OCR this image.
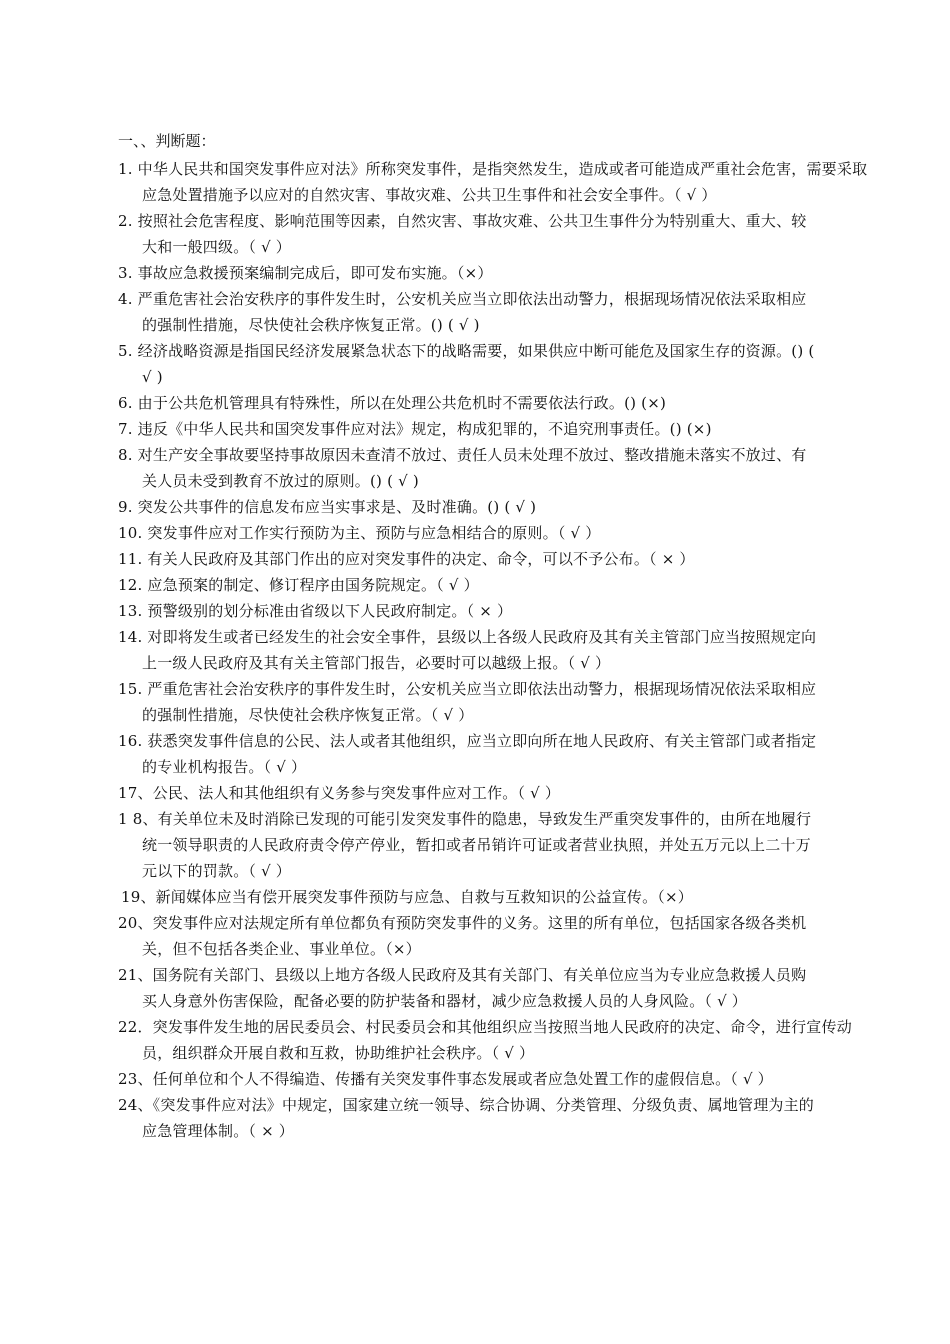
一、、判断题：

1. 中华人民共和国突发事件应对法》所称突发事件，是指突然发生，造成或者可能造成严重社会危害，需要采取应急处置措施予以应对的自然灾害、事故灾难、公共卫生事件和社会安全事件。（ √ ）

2. 按照社会危害程度、影响范围等因素，自然灾害、事故灾难、公共卫生事件分为特别重大、重大、较大和一般四级。（ √ ）

3. 事故应急救援预案编制完成后，即可发布实施。（×）

4. 严重危害社会治安秩序的事件发生时，公安机关应当立即依法出动警力，根据现场情况依法采取相应的强制性措施，尽快使社会秩序恢复正常。() ( √ )

5. 经济战略资源是指国民经济发展紧急状态下的战略需要，如果供应中断可能危及国家生存的资源。() ( √ )

6. 由于公共危机管理具有特殊性，所以在处理公共危机时不需要依法行政。() (×)

7. 违反《中华人民共和国突发事件应对法》规定，构成犯罪的，不追究刑事责任。() (×)

8. 对生产安全事故要坚持事故原因未查清不放过、责任人员未处理不放过、整改措施未落实不放过、有关人员未受到教育不放过的原则。() ( √ )

9. 突发公共事件的信息发布应当实事求是、及时准确。() ( √ )

10. 突发事件应对工作实行预防为主、预防与应急相结合的原则。（ √ ）

11. 有关人民政府及其部门作出的应对突发事件的决定、命令，可以不予公布。（ × ）

12. 应急预案的制定、修订程序由国务院规定。（ √ ）

13. 预警级别的划分标准由省级以下人民政府制定。（ × ）

14. 对即将发生或者已经发生的社会安全事件，县级以上各级人民政府及其有关主管部门应当按照规定向上一级人民政府及其有关主管部门报告，必要时可以越级上报。（ √ ）

15. 严重危害社会治安秩序的事件发生时，公安机关应当立即依法出动警力，根据现场情况依法采取相应的强制性措施，尽快使社会秩序恢复正常。（ √ ）

16. 获悉突发事件信息的公民、法人或者其他组织，应当立即向所在地人民政府、有关主管部门或者指定的专业机构报告。（ √ ）

17、公民、法人和其他组织有义务参与突发事件应对工作。（ √ ）

1 8、有关单位未及时消除已发现的可能引发突发事件的隐患，导致发生严重突发事件的，由所在地履行统一领导职责的人民政府责令停产停业，暂扣或者吊销许可证或者营业执照，并处五万元以上二十万元以下的罚款。（ √ ）

19、新闻媒体应当有偿开展突发事件预防与应急、自救与互救知识的公益宣传。（×）

20、突发事件应对法规定所有单位都负有预防突发事件的义务。这里的所有单位，包括国家各级各类机关，但不包括各类企业、事业单位。（×）

21、国务院有关部门、县级以上地方各级人民政府及其有关部门、有关单位应当为专业应急救援人员购买人身意外伤害保险，配备必要的防护装备和器材，减少应急救援人员的人身风险。（ √ ）

22．突发事件发生地的居民委员会、村民委员会和其他组织应当按照当地人民政府的决定、命令，进行宣传动员，组织群众开展自救和互救，协助维护社会秩序。（ √ ）

23、任何单位和个人不得编造、传播有关突发事件事态发展或者应急处置工作的虚假信息。（ √ ）

24、《突发事件应对法》中规定，国家建立统一领导、综合协调、分类管理、分级负责、属地管理为主的应急管理体制。（ × ）
